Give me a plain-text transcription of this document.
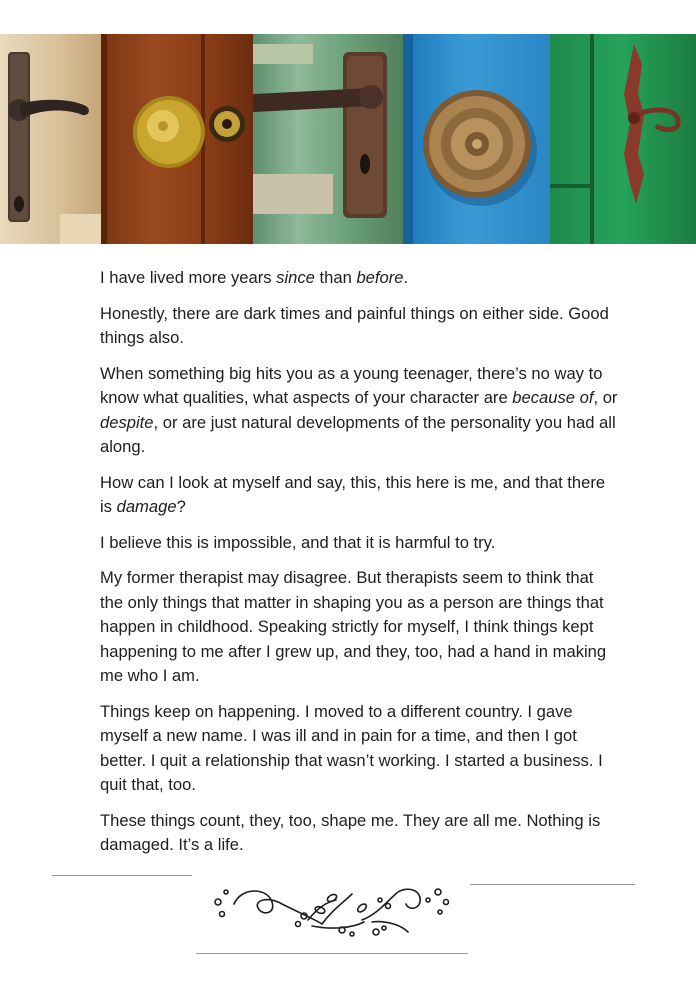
I have lived more years since than before.

Honestly, there are dark times and painful things on either side. Good things also.

When something big hits you as a young teenager, there’s no way to know what qualities, what aspects of your character are because of, or despite, or are just natural developments of the personality you had all along.

How can I look at myself and say, this, this here is me, and that there is damage?

I believe this is impossible, and that it is harmful to try.

My former therapist may disagree. But therapists seem to think that the only things that matter in shaping you as a person are things that happen in childhood. Speaking strictly for myself, I think things kept happening to me after I grew up, and they, too, had a hand in making me who I am.

Things keep on happening. I moved to a different country. I gave myself a new name. I was ill and in pain for a time, and then I got better. I quit a relationship that wasn’t working. I started a business. I quit that, too.

These things count, they, too, shape me. They are all me. Nothing is damaged. It’s a life.
